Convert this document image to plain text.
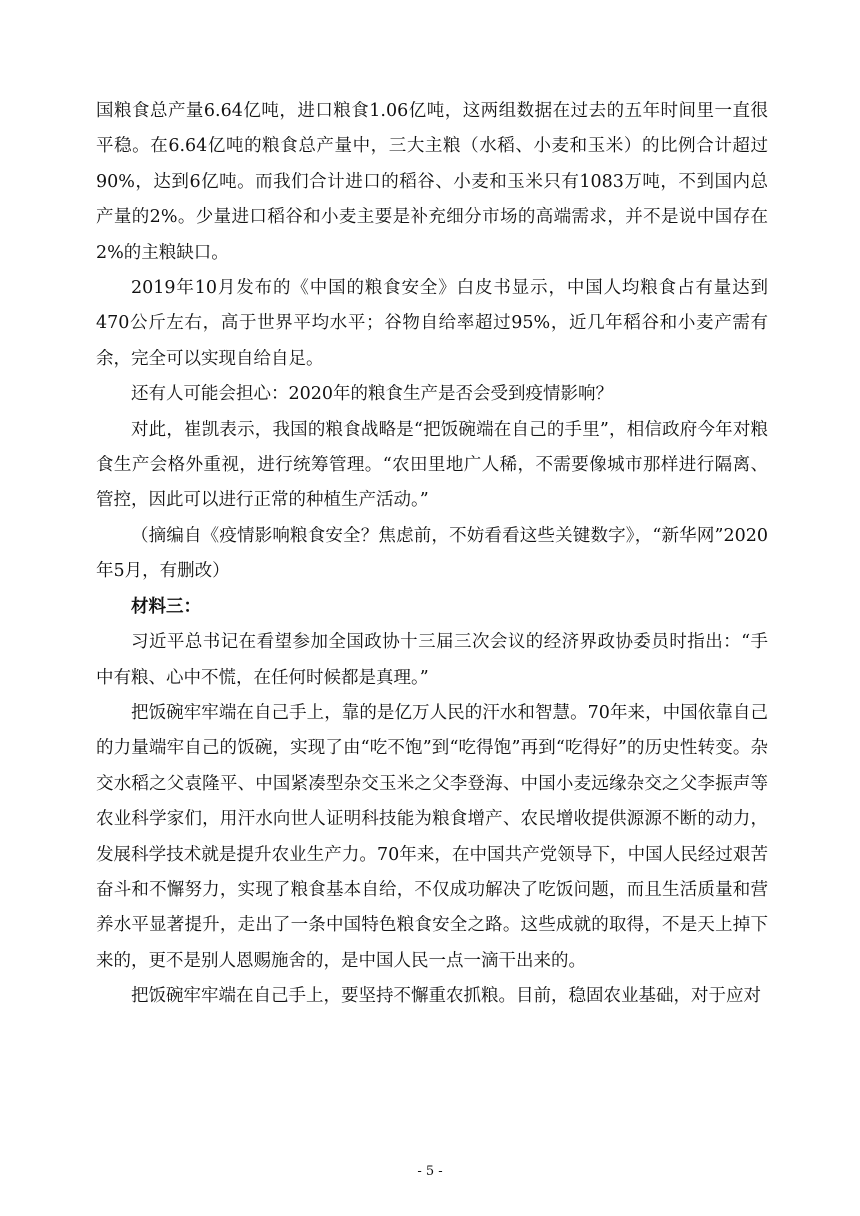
国粮食总产量6.64亿吨，进口粮食1.06亿吨，这两组数据在过去的五年时间里一直很平稳。在6.64亿吨的粮食总产量中，三大主粮（水稻、小麦和玉米）的比例合计超过90%，达到6亿吨。而我们合计进口的稻谷、小麦和玉米只有1083万吨，不到国内总产量的2%。少量进口稻谷和小麦主要是补充细分市场的高端需求，并不是说中国存在2%的主粮缺口。

2019年10月发布的《中国的粮食安全》白皮书显示，中国人均粮食占有量达到470公斤左右，高于世界平均水平；谷物自给率超过95%，近几年稻谷和小麦产需有余，完全可以实现自给自足。

还有人可能会担心：2020年的粮食生产是否会受到疫情影响？

对此，崔凯表示，我国的粮食战略是“把饭碗端在自己的手里”，相信政府今年对粮食生产会格外重视，进行统筹管理。“农田里地广人稀，不需要像城市那样进行隔离、管控，因此可以进行正常的种植生产活动。”

（摘编自《疫情影响粮食安全？焦虑前，不妨看看这些关键数字》，“新华网”2020年5月，有删改）

材料三：

习近平总书记在看望参加全国政协十三届三次会议的经济界政协委员时指出：“手中有粮、心中不慌，在任何时候都是真理。”

把饭碗牢牢端在自己手上，靠的是亿万人民的汗水和智慧。70年来，中国依靠自己的力量端牢自己的饭碗，实现了由“吃不饱”到“吃得饱”再到“吃得好”的历史性转变。杂交水稻之父袁隆平、中国紧凑型杂交玉米之父李登海、中国小麦远缘杂交之父李振声等农业科学家们，用汗水向世人证明科技能为粮食增产、农民增收提供源源不断的动力，发展科学技术就是提升农业生产力。70年来，在中国共产党领导下，中国人民经过艰苦奋斗和不懈努力，实现了粮食基本自给，不仅成功解决了吃饭问题，而且生活质量和营养水平显著提升，走出了一条中国特色粮食安全之路。这些成就的取得，不是天上掉下来的，更不是别人恩赐施舍的，是中国人民一点一滴干出来的。

把饭碗牢牢端在自己手上，要坚持不懈重农抓粮。目前，稳固农业基础，对于应对

- 5 -
